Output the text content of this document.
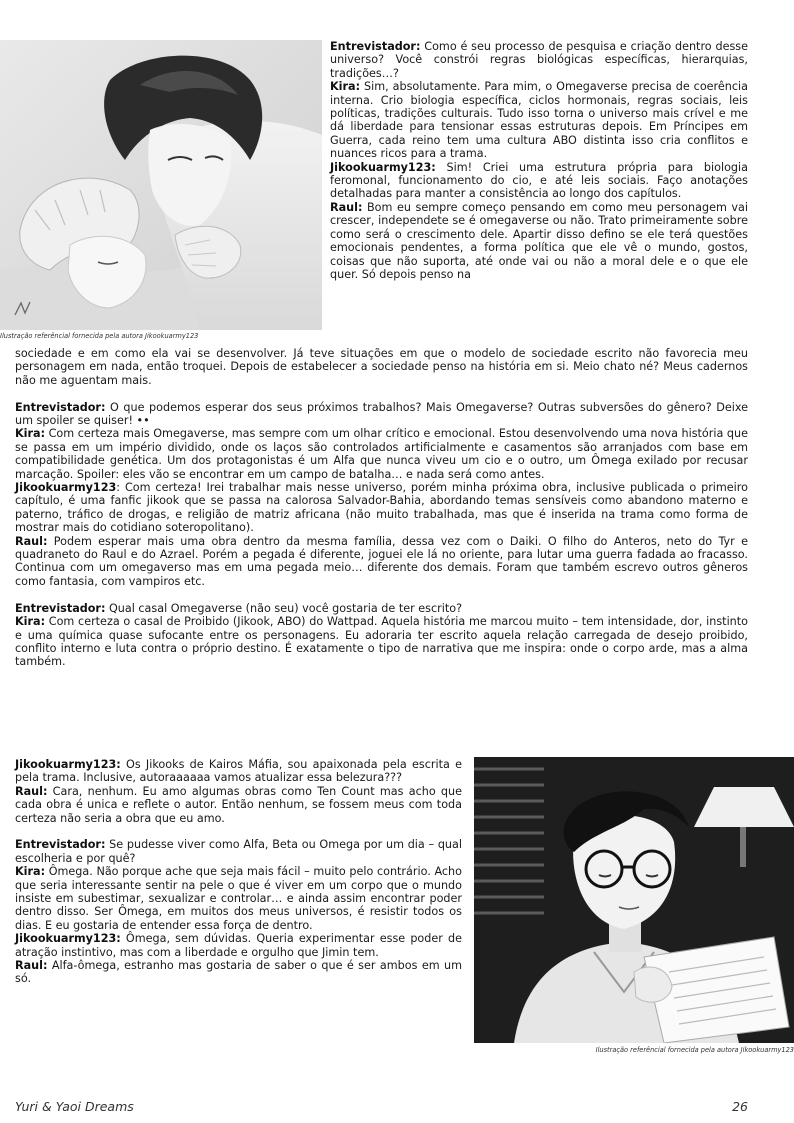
Ilustração referêncial fornecida pela autora Jikookuarmy123

Entrevistador: Como é seu processo de pesquisa e criação dentro desse universo? Você constrói regras biológicas específicas, hierarquias, tradições…?

Kira: Sim, absolutamente. Para mim, o Omegaverse precisa de coerência interna. Crio biologia específica, ciclos hormonais, regras sociais, leis políticas, tradições culturais. Tudo isso torna o universo mais crível e me dá liberdade para tensionar essas estruturas depois. Em Príncipes em Guerra, cada reino tem uma cultura ABO distinta isso cria conflitos e nuances ricos para a trama.

Jikookuarmy123: Sim! Criei uma estrutura própria para biologia feromonal, funcionamento do cio, e até leis sociais. Faço anotações detalhadas para manter a consistência ao longo dos capítulos.

Raul: Bom eu sempre começo pensando em como meu personagem vai crescer, independete se é omegaverse ou não. Trato primeiramente sobre como será o crescimento dele. Apartir disso defino se ele terá questões emocionais pendentes, a forma política que ele vê o mundo, gostos, coisas que não suporta, até onde vai ou não a moral dele e o que ele quer. Só depois penso na

sociedade e em como ela vai se desenvolver. Já teve situações em que o modelo de sociedade escrito não favorecia meu personagem em nada, então troquei. Depois de estabelecer a sociedade penso na história em si. Meio chato né? Meus cadernos não me aguentam mais.

Entrevistador: O que podemos esperar dos seus próximos trabalhos? Mais Omegaverse? Outras subversões do gênero? Deixe um spoiler se quiser! ••

Kira: Com certeza mais Omegaverse, mas sempre com um olhar crítico e emocional. Estou desenvolvendo uma nova história que se passa em um império dividido, onde os laços são controlados artificialmente e casamentos são arranjados com base em compatibilidade genética. Um dos protagonistas é um Alfa que nunca viveu um cio e o outro, um Ômega exilado por recusar marcação. Spoiler: eles vão se encontrar em um campo de batalha… e nada será como antes.

Jikookuarmy123: Com certeza! Irei trabalhar mais nesse universo, porém minha próxima obra, inclusive publicada o primeiro capítulo, é uma fanfic jikook que se passa na calorosa Salvador-Bahia, abordando temas sensíveis como abandono materno e paterno, tráfico de drogas, e religião de matriz africana (não muito trabalhada, mas que é inserida na trama como forma de mostrar mais do cotidiano soteropolitano).

Raul: Podem esperar mais uma obra dentro da mesma família, dessa vez com o Daiki. O filho do Anteros, neto do Tyr e quadraneto do Raul e do Azrael. Porém a pegada é diferente, joguei ele lá no oriente, para lutar uma guerra fadada ao fracasso. Continua com um omegaverso mas em uma pegada meio… diferente dos demais. Foram que também escrevo outros gêneros como fantasia, com vampiros etc.

Entrevistador: Qual casal Omegaverse (não seu) você gostaria de ter escrito?

Kira: Com certeza o casal de Proibido (Jikook, ABO) do Wattpad. Aquela história me marcou muito – tem intensidade, dor, instinto e uma química quase sufocante entre os personagens. Eu adoraria ter escrito aquela relação carregada de desejo proibido, conflito interno e luta contra o próprio destino. É exatamente o tipo de narrativa que me inspira: onde o corpo arde, mas a alma também.

Jikookuarmy123: Os Jikooks de Kairos Máfia, sou apaixonada pela escrita e pela trama. Inclusive, autoraaaaaa vamos atualizar essa belezura???

Raul: Cara, nenhum. Eu amo algumas obras como Ten Count mas acho que cada obra é unica e reflete o autor. Então nenhum, se fossem meus com toda certeza não seria a obra que eu amo.

Entrevistador: Se pudesse viver como Alfa, Beta ou Omega por um dia – qual escolheria e por quê?

Kira: Ômega. Não porque ache que seja mais fácil – muito pelo contrário. Acho que seria interessante sentir na pele o que é viver em um corpo que o mundo insiste em subestimar, sexualizar e controlar… e ainda assim encontrar poder dentro disso. Ser Ômega, em muitos dos meus universos, é resistir todos os dias. E eu gostaria de entender essa força de dentro.

Jikookuarmy123: Ômega, sem dúvidas. Queria experimentar esse poder de atração instintivo, mas com a liberdade e orgulho que Jimin tem.

Raul: Alfa-ômega, estranho mas gostaria de saber o que é ser ambos em um só.

Ilustração referêncial fornecida pela autora Jikookuarmy123
Yuri & Yaoi Dreams	26
